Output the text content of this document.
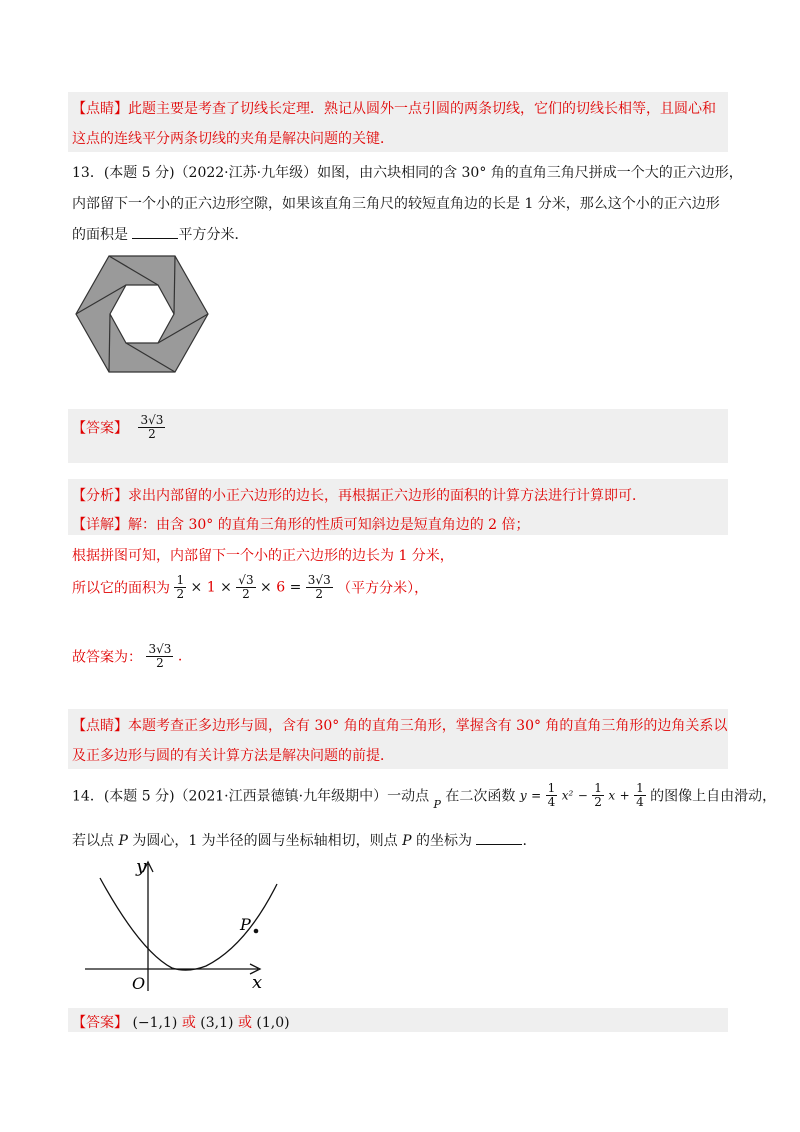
【点睛】此题主要是考查了切线长定理．熟记从圆外一点引圆的两条切线，它们的切线长相等，且圆心和
这点的连线平分两条切线的夹角是解决问题的关键．
13．(本题 5 分)（2022·江苏·九年级）如图，由六块相同的含 30° 角的直角三角尺拼成一个大的正六边形，
内部留下一个小的正六边形空隙，如果该直角三角尺的较短直角边的长是 1 分米，那么这个小的正六边形
的面积是	平方分米．
【答案】 $\frac{3√3}{2}$
【分析】求出内部留的小正六边形的边长，再根据正六边形的面积的计算方法进行计算即可．
【详解】解：由含 30° 的直角三角形的性质可知斜边是短直角边的 2 倍；
根据拼图可知，内部留下一个小的正六边形的边长为 1 分米，
所以它的面积为 $\frac{1}{2} \times 1 \times \frac{√3}{2} \times 6 = \frac{3√3}{2}$ （平方分米），
故答案为： $\frac{3√3}{2}$ .
【点睛】本题考查正多边形与圆，含有 30° 角的直角三角形，掌握含有 30° 角的直角三角形的边角关系以
及正多边形与圆的有关计算方法是解决问题的前提．
14．(本题 5 分)（2021·江西景德镇·九年级期中）一动点 $_P$ 在二次函数 $y = \frac{1}{4} x^2 - \frac{1}{2}$ $x + \frac{1}{4}$ 的图像上自由滑动，
若以点 P 为圆心，1 为半径的圆与坐标轴相切，则点 P 的坐标为	.
y
x
O
P
【答案】 (−1,1) 或 (3,1) 或 (1,0)
